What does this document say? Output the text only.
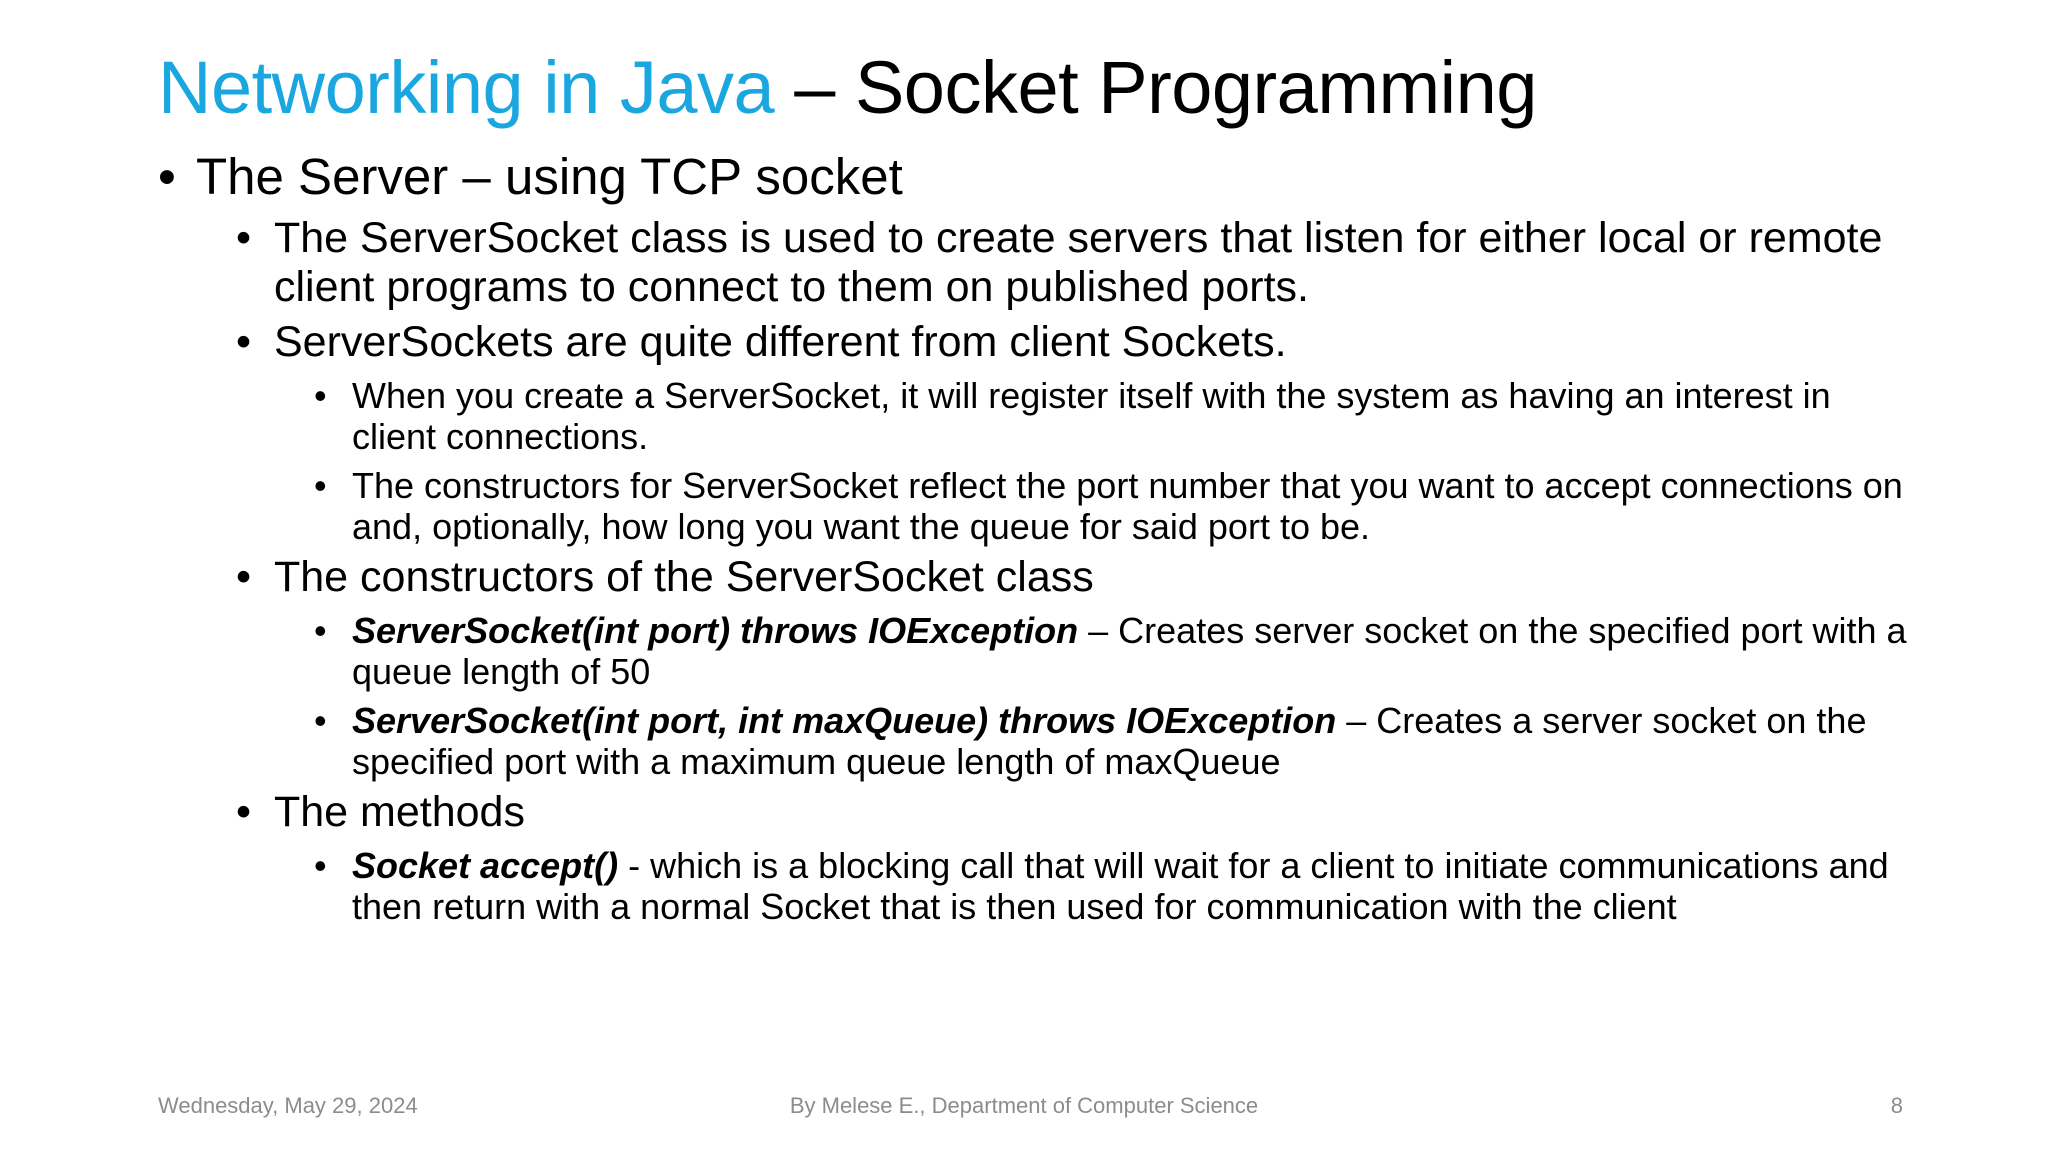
Networking in Java – Socket Programming
• The Server – using TCP socket
• The ServerSocket class is used to create servers that listen for either local or remote client programs to connect to them on published ports.
• ServerSockets are quite different from client Sockets.
• When you create a ServerSocket, it will register itself with the system as having an interest in client connections.
• The constructors for ServerSocket reflect the port number that you want to accept connections on and, optionally, how long you want the queue for said port to be.
• The constructors of the ServerSocket class
• ServerSocket(int port) throws IOException – Creates server socket on the specified port with a queue length of 50
• ServerSocket(int port, int maxQueue) throws IOException – Creates a server socket on the specified port with a maximum queue length of maxQueue
• The methods
• Socket accept() - which is a blocking call that will wait for a client to initiate communications and then return with a normal Socket that is then used for communication with the client
Wednesday, May 29, 2024	By Melese E., Department of Computer Science	8
